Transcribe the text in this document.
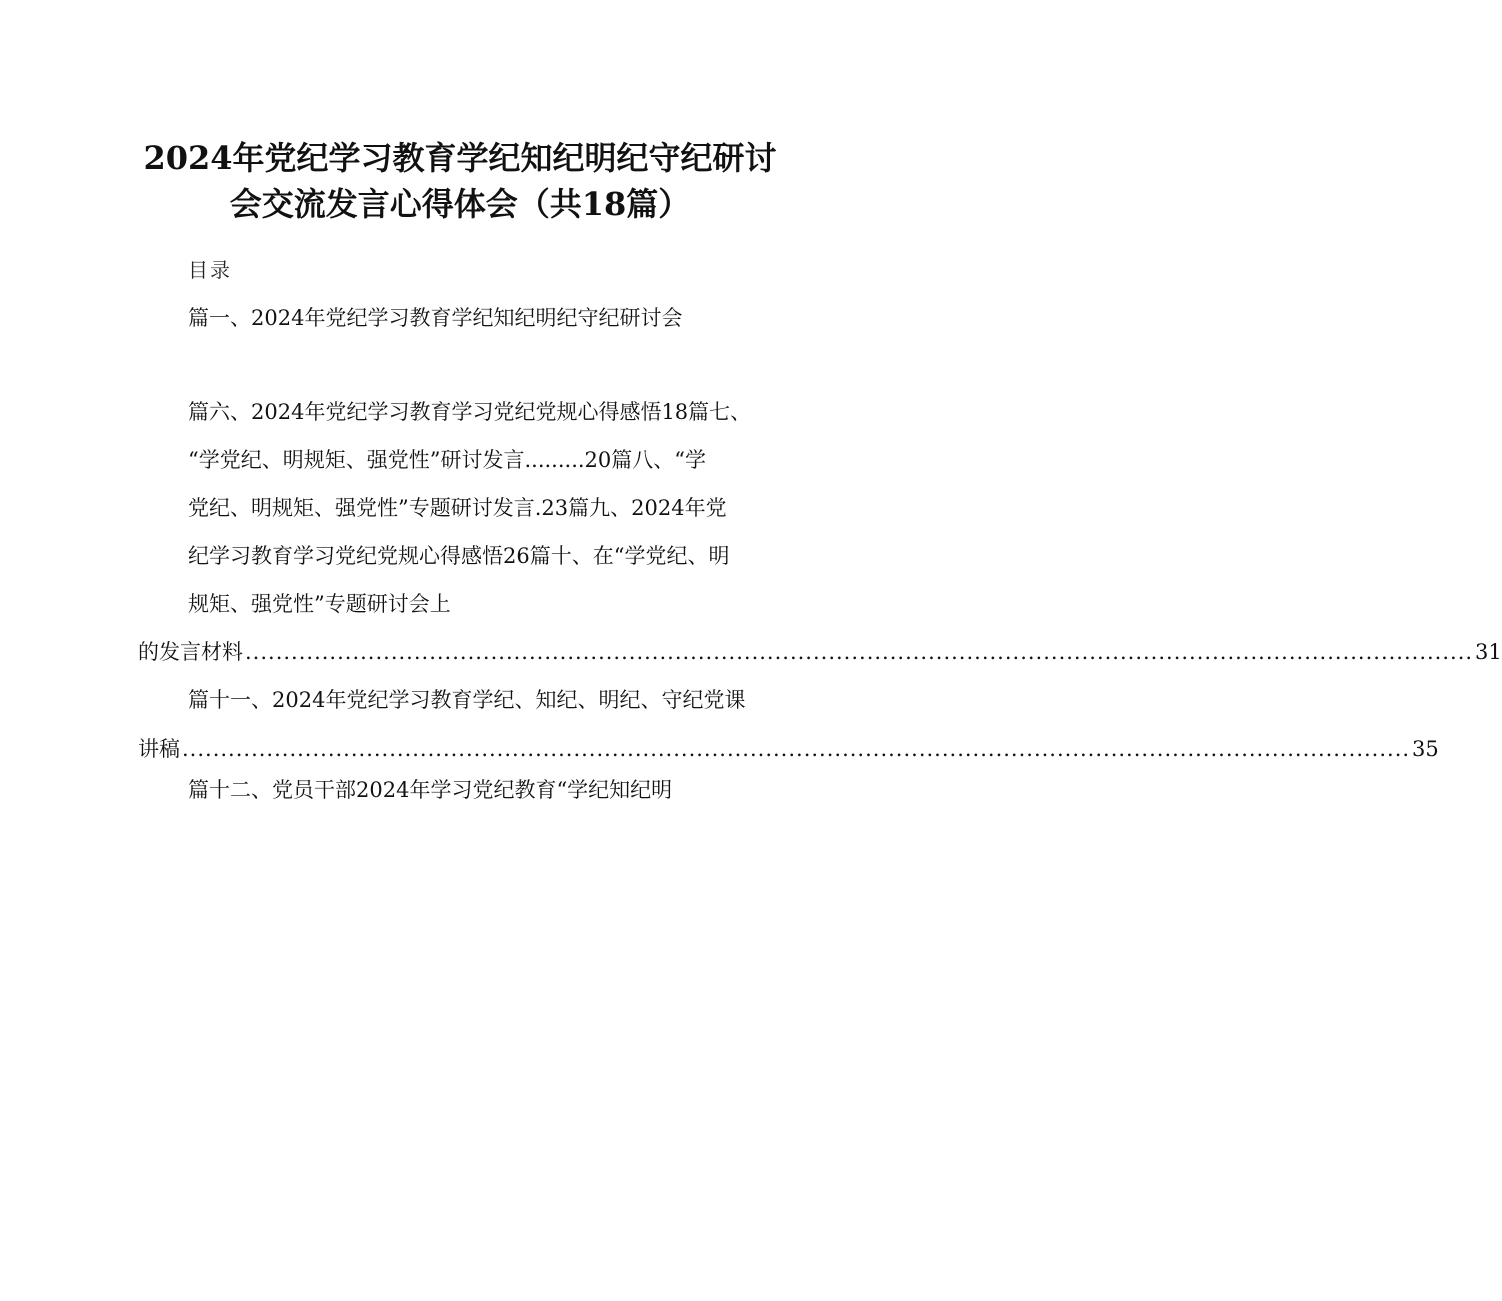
2024年党纪学习教育学纪知纪明纪守纪研讨
会交流发言心得体会（共18篇）
目录
篇一、2024年党纪学习教育学纪知纪明纪守纪研讨会
篇六、2024年党纪学习教育学习党纪党规心得感悟18篇七、
“学党纪、明规矩、强党性”研讨发言.........20篇八、“学
党纪、明规矩、强党性”专题研讨发言.23篇九、2024年党
纪学习教育学习党纪党规心得感悟26篇十、在“学党纪、明
规矩、强党性”专题研讨会上
的发言材料 ................................................................................................................................................................ 31
篇十一、2024年党纪学习教育学纪、知纪、明纪、守纪党课
讲稿 ................................................................................................................................................................ 35
篇十二、党员干部2024年学习党纪教育“学纪知纪明
